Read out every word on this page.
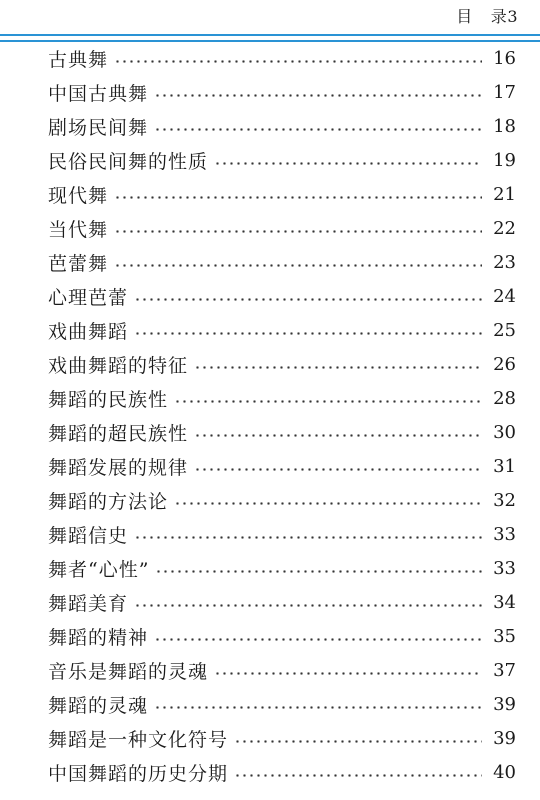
目 录3
古典舞	16
中国古典舞	17
剧场民间舞	18
民俗民间舞的性质	19
现代舞	21
当代舞	22
芭蕾舞	23
心理芭蕾	24
戏曲舞蹈	25
戏曲舞蹈的特征	26
舞蹈的民族性	28
舞蹈的超民族性	30
舞蹈发展的规律	31
舞蹈的方法论	32
舞蹈信史	33
舞者“心性”	33
舞蹈美育	34
舞蹈的精神	35
音乐是舞蹈的灵魂	37
舞蹈的灵魂	39
舞蹈是一种文化符号	39
中国舞蹈的历史分期	40
